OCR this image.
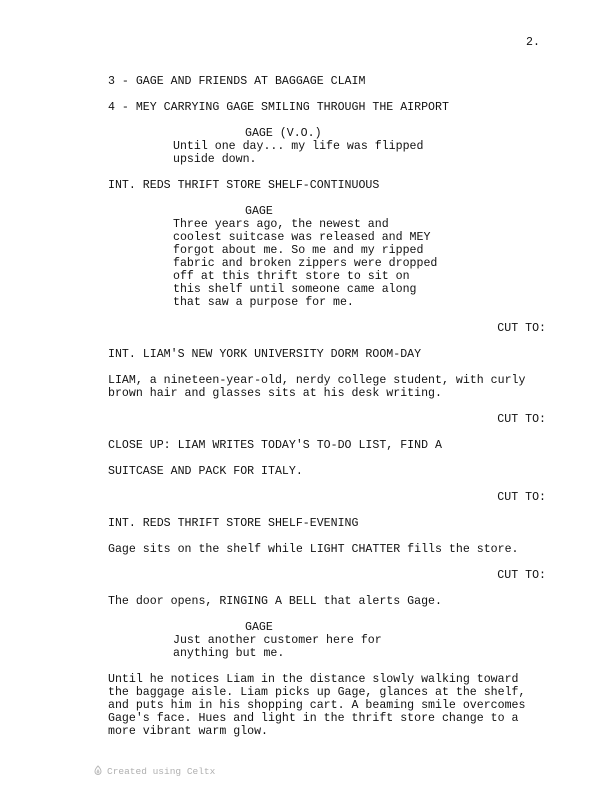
2.
3 - GAGE AND FRIENDS AT BAGGAGE CLAIM
4 - MEY CARRYING GAGE SMILING THROUGH THE AIRPORT
GAGE (V.O.)
Until one day... my life was flipped
upside down.
INT. REDS THRIFT STORE SHELF-CONTINUOUS
GAGE
Three years ago, the newest and
coolest suitcase was released and MEY
forgot about me. So me and my ripped
fabric and broken zippers were dropped
off at this thrift store to sit on
this shelf until someone came along
that saw a purpose for me.
CUT TO:
INT. LIAM'S NEW YORK UNIVERSITY DORM ROOM-DAY
LIAM, a nineteen-year-old, nerdy college student, with curly
brown hair and glasses sits at his desk writing.
CUT TO:
CLOSE UP: LIAM WRITES TODAY'S TO-DO LIST, FIND A
SUITCASE AND PACK FOR ITALY.
CUT TO:
INT. REDS THRIFT STORE SHELF-EVENING
Gage sits on the shelf while LIGHT CHATTER fills the store.
CUT TO:
The door opens, RINGING A BELL that alerts Gage.
GAGE
Just another customer here for
anything but me.
Until he notices Liam in the distance slowly walking toward
the baggage aisle. Liam picks up Gage, glances at the shelf,
and puts him in his shopping cart. A beaming smile overcomes
Gage's face. Hues and light in the thrift store change to a
more vibrant warm glow.
Created using Celtx
